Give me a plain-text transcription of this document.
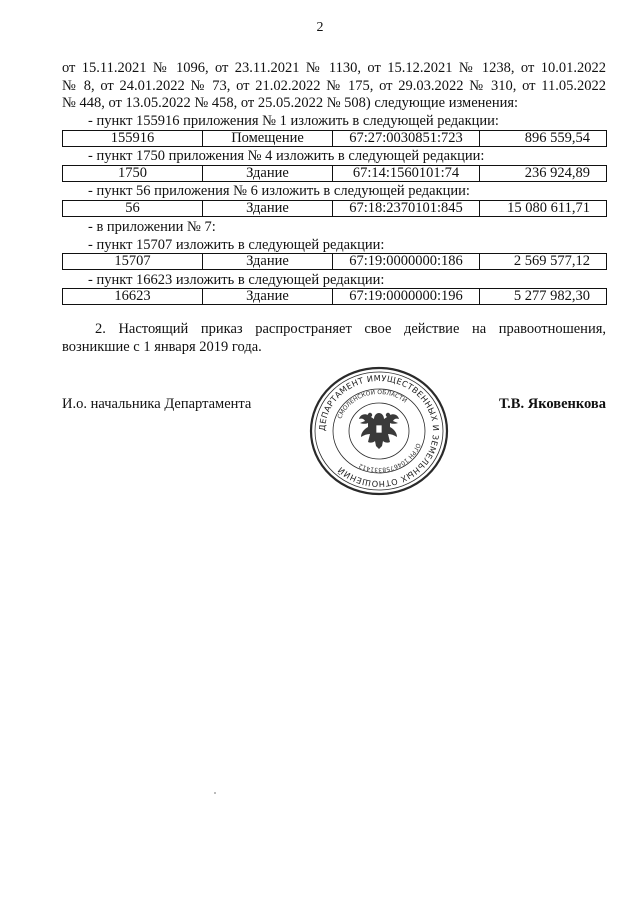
2
от 15.11.2021 № 1096, от 23.11.2021 № 1130, от 15.12.2021 № 1238, от 10.01.2022
№ 8, от 24.01.2022 № 73, от 21.02.2022 № 175, от 29.03.2022 № 310, от 11.05.2022
№ 448, от 13.05.2022 № 458, от 25.05.2022 № 508) следующие изменения:
- пункт 155916 приложения № 1 изложить в следующей редакции:
155916	Помещение	67:27:0030851:723	896 559,54
- пункт 1750 приложения № 4 изложить в следующей редакции:
1750	Здание	67:14:1560101:74	236 924,89
- пункт 56 приложения № 6 изложить в следующей редакции:
56	Здание	67:18:2370101:845	15 080 611,71
- в приложении № 7:
- пункт 15707 изложить в следующей редакции:
15707	Здание	67:19:0000000:186	2 569 577,12
- пункт 16623 изложить в следующей редакции:
16623	Здание	67:19:0000000:196	5 277 982,30
2. Настоящий приказ распространяет свое действие на правоотношения,
возникшие с 1 января 2019 года.
И.о. начальника Департамента	Т.В. Яковенкова
ДЕПАРТАМЕНТ ИМУЩЕСТВЕННЫХ И ЗЕМЕЛЬНЫХ ОТНОШЕНИЙ
СМОЛЕНСКОЙ ОБЛАСТИ
ОГРН 1046758331412
